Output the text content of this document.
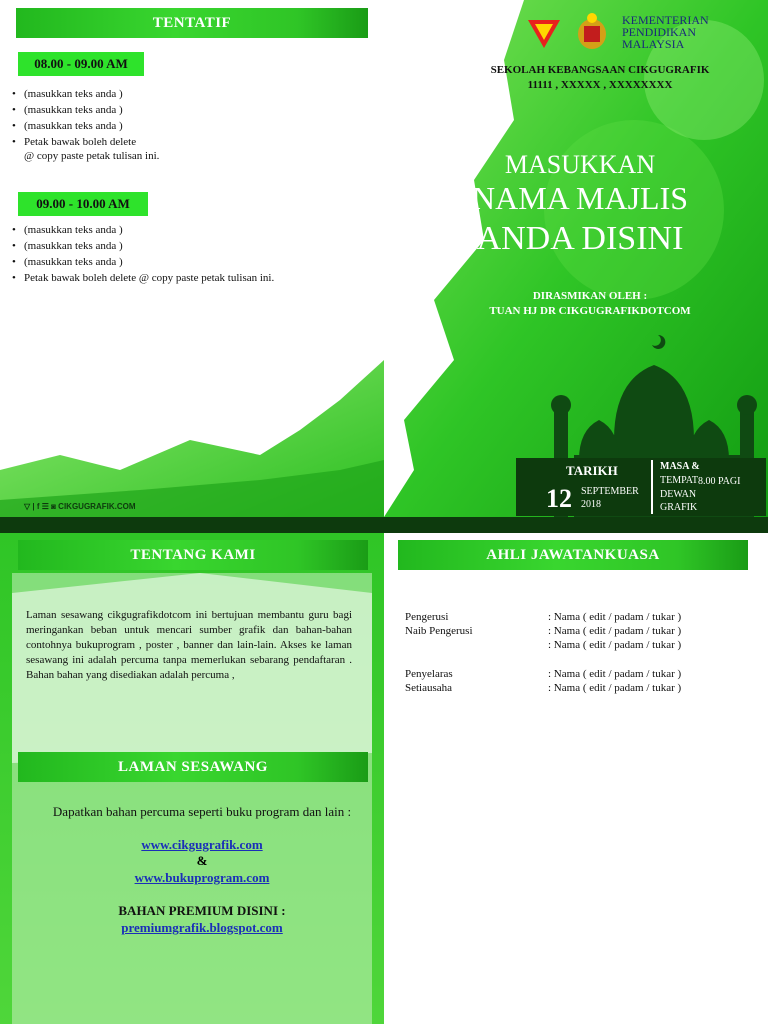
TENTATIF
08.00 - 09.00 AM
• (masukkan teks anda )
• (masukkan teks anda )
• (masukkan teks anda )
• Petak bawak boleh delete
@ copy paste petak tulisan ini.
09.00 - 10.00 AM
• (masukkan teks anda )
• (masukkan teks anda )
• (masukkan teks anda )
• Petak bawak boleh delete @ copy paste petak tulisan ini.
▽ | f ☰ ◙ CIKGUGRAFIK.COM
KEMENTERIAN
PENDIDIKAN
MALAYSIA
SEKOLAH KEBANGSAAN CIKGUGRAFIK
11111 , XXXXX , XXXXXXXX
MASUKKAN
NAMA MAJLIS
ANDA DISINI
DIRASMIKAN OLEH :
TUAN HJ DR CIKGUGRAFIKDOTCOM
TARIKH
12 SEPTEMBER
2018
MASA &
TEMPAT 8.00 PAGI
DEWAN
GRAFIK
TENTANG KAMI
Laman sesawang cikgugrafikdotcom ini bertujuan membantu guru bagi meringankan beban untuk mencari sumber grafik dan bahan-bahan contohnya bukuprogram , poster , banner dan lain-lain. Akses ke laman sesawang ini adalah percuma tanpa memerlukan sebarang pendaftaran . Bahan bahan yang disediakan adalah percuma ,
LAMAN SESAWANG
Dapatkan bahan percuma seperti buku program dan lain :
www.cikgugrafik.com
&
www.bukuprogram.com
BAHAN PREMIUM DISINI :
premiumgrafik.blogspot.com
AHLI JAWATANKUASA
Pengerusi	: Nama ( edit / padam / tukar )
Naib Pengerusi	: Nama ( edit / padam / tukar )
: Nama ( edit / padam / tukar )
Penyelaras	: Nama ( edit / padam / tukar )
Setiausaha	: Nama ( edit / padam / tukar )
